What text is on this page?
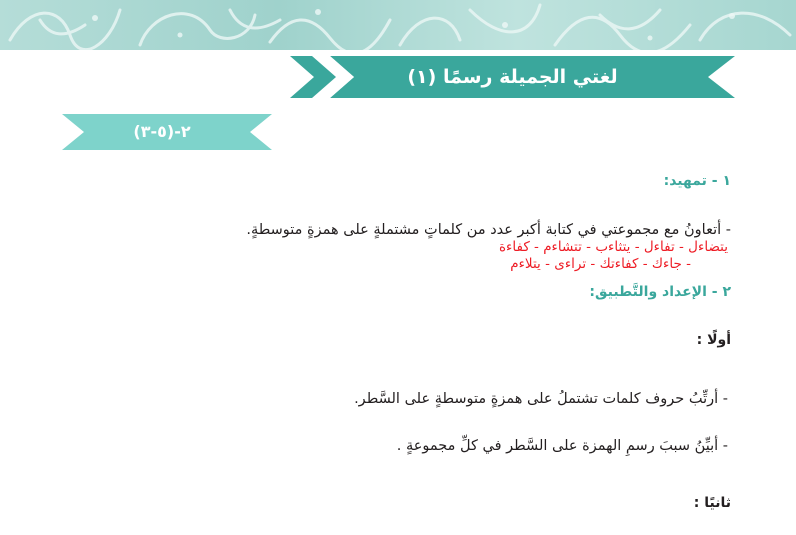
لغتي الجميلة رسمًا (١)
٢-(٥-٣)
١ - تمهيد:
- أتعاونُ مع مجموعتي في كتابة أكبر عدد من كلماتٍ مشتملةٍ على همزةٍ متوسطةٍ.
يتضاءل - تفاءل - يتثاءب - تتشاءم - كفاءة
- جاءك - كفاءتك - تراءى - يتلاءم
٢ - الإعداد والتَّطبيق:
أولًا :
- أرتِّبُ حروف كلمات تشتملُ على همزةٍ متوسطةٍ على السَّطر.
- أبيِّنُ سببَ رسمِ الهمزة على السَّطر في كلِّ مجموعةٍ .
ثانيًا :
